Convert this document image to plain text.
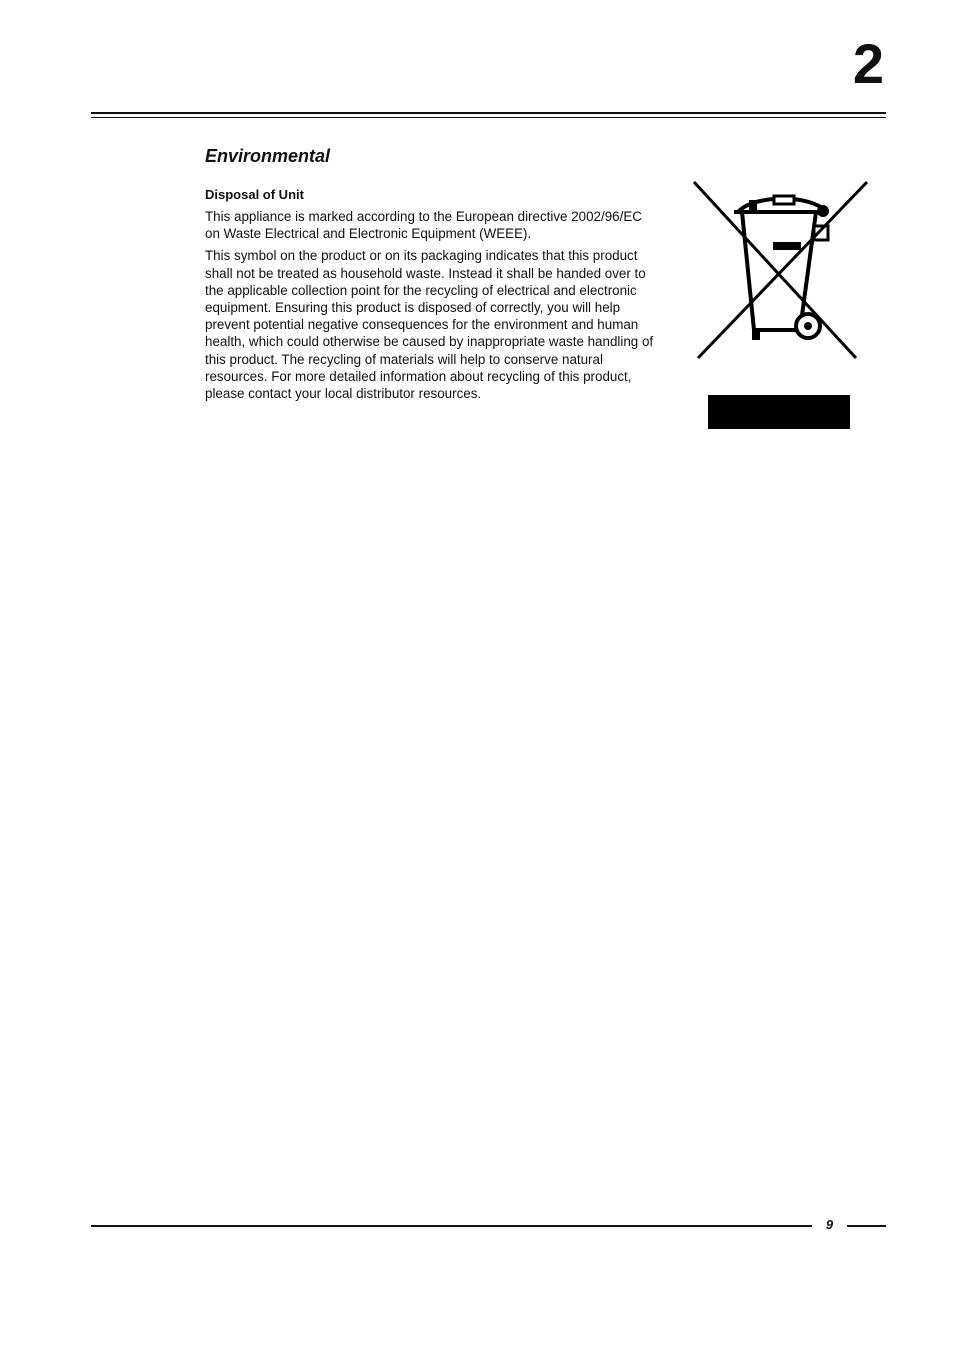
2
Environmental

Disposal of Unit

This appliance is marked according to the European directive 2002/96/EC on Waste Electrical and Electronic Equipment (WEEE).

This symbol on the product or on its packaging indicates that this product shall not be treated as household waste. Instead it shall be handed over to the applicable collection point for the recycling of electrical and electronic equipment. Ensuring this product is disposed of correctly, you will help prevent potential negative consequences for the environment and human health, which could otherwise be caused by inappropriate waste handling of this product. The recycling of materials will help to conserve natural resources. For more detailed information about recycling of this product, please contact your local distributor resources.

9
